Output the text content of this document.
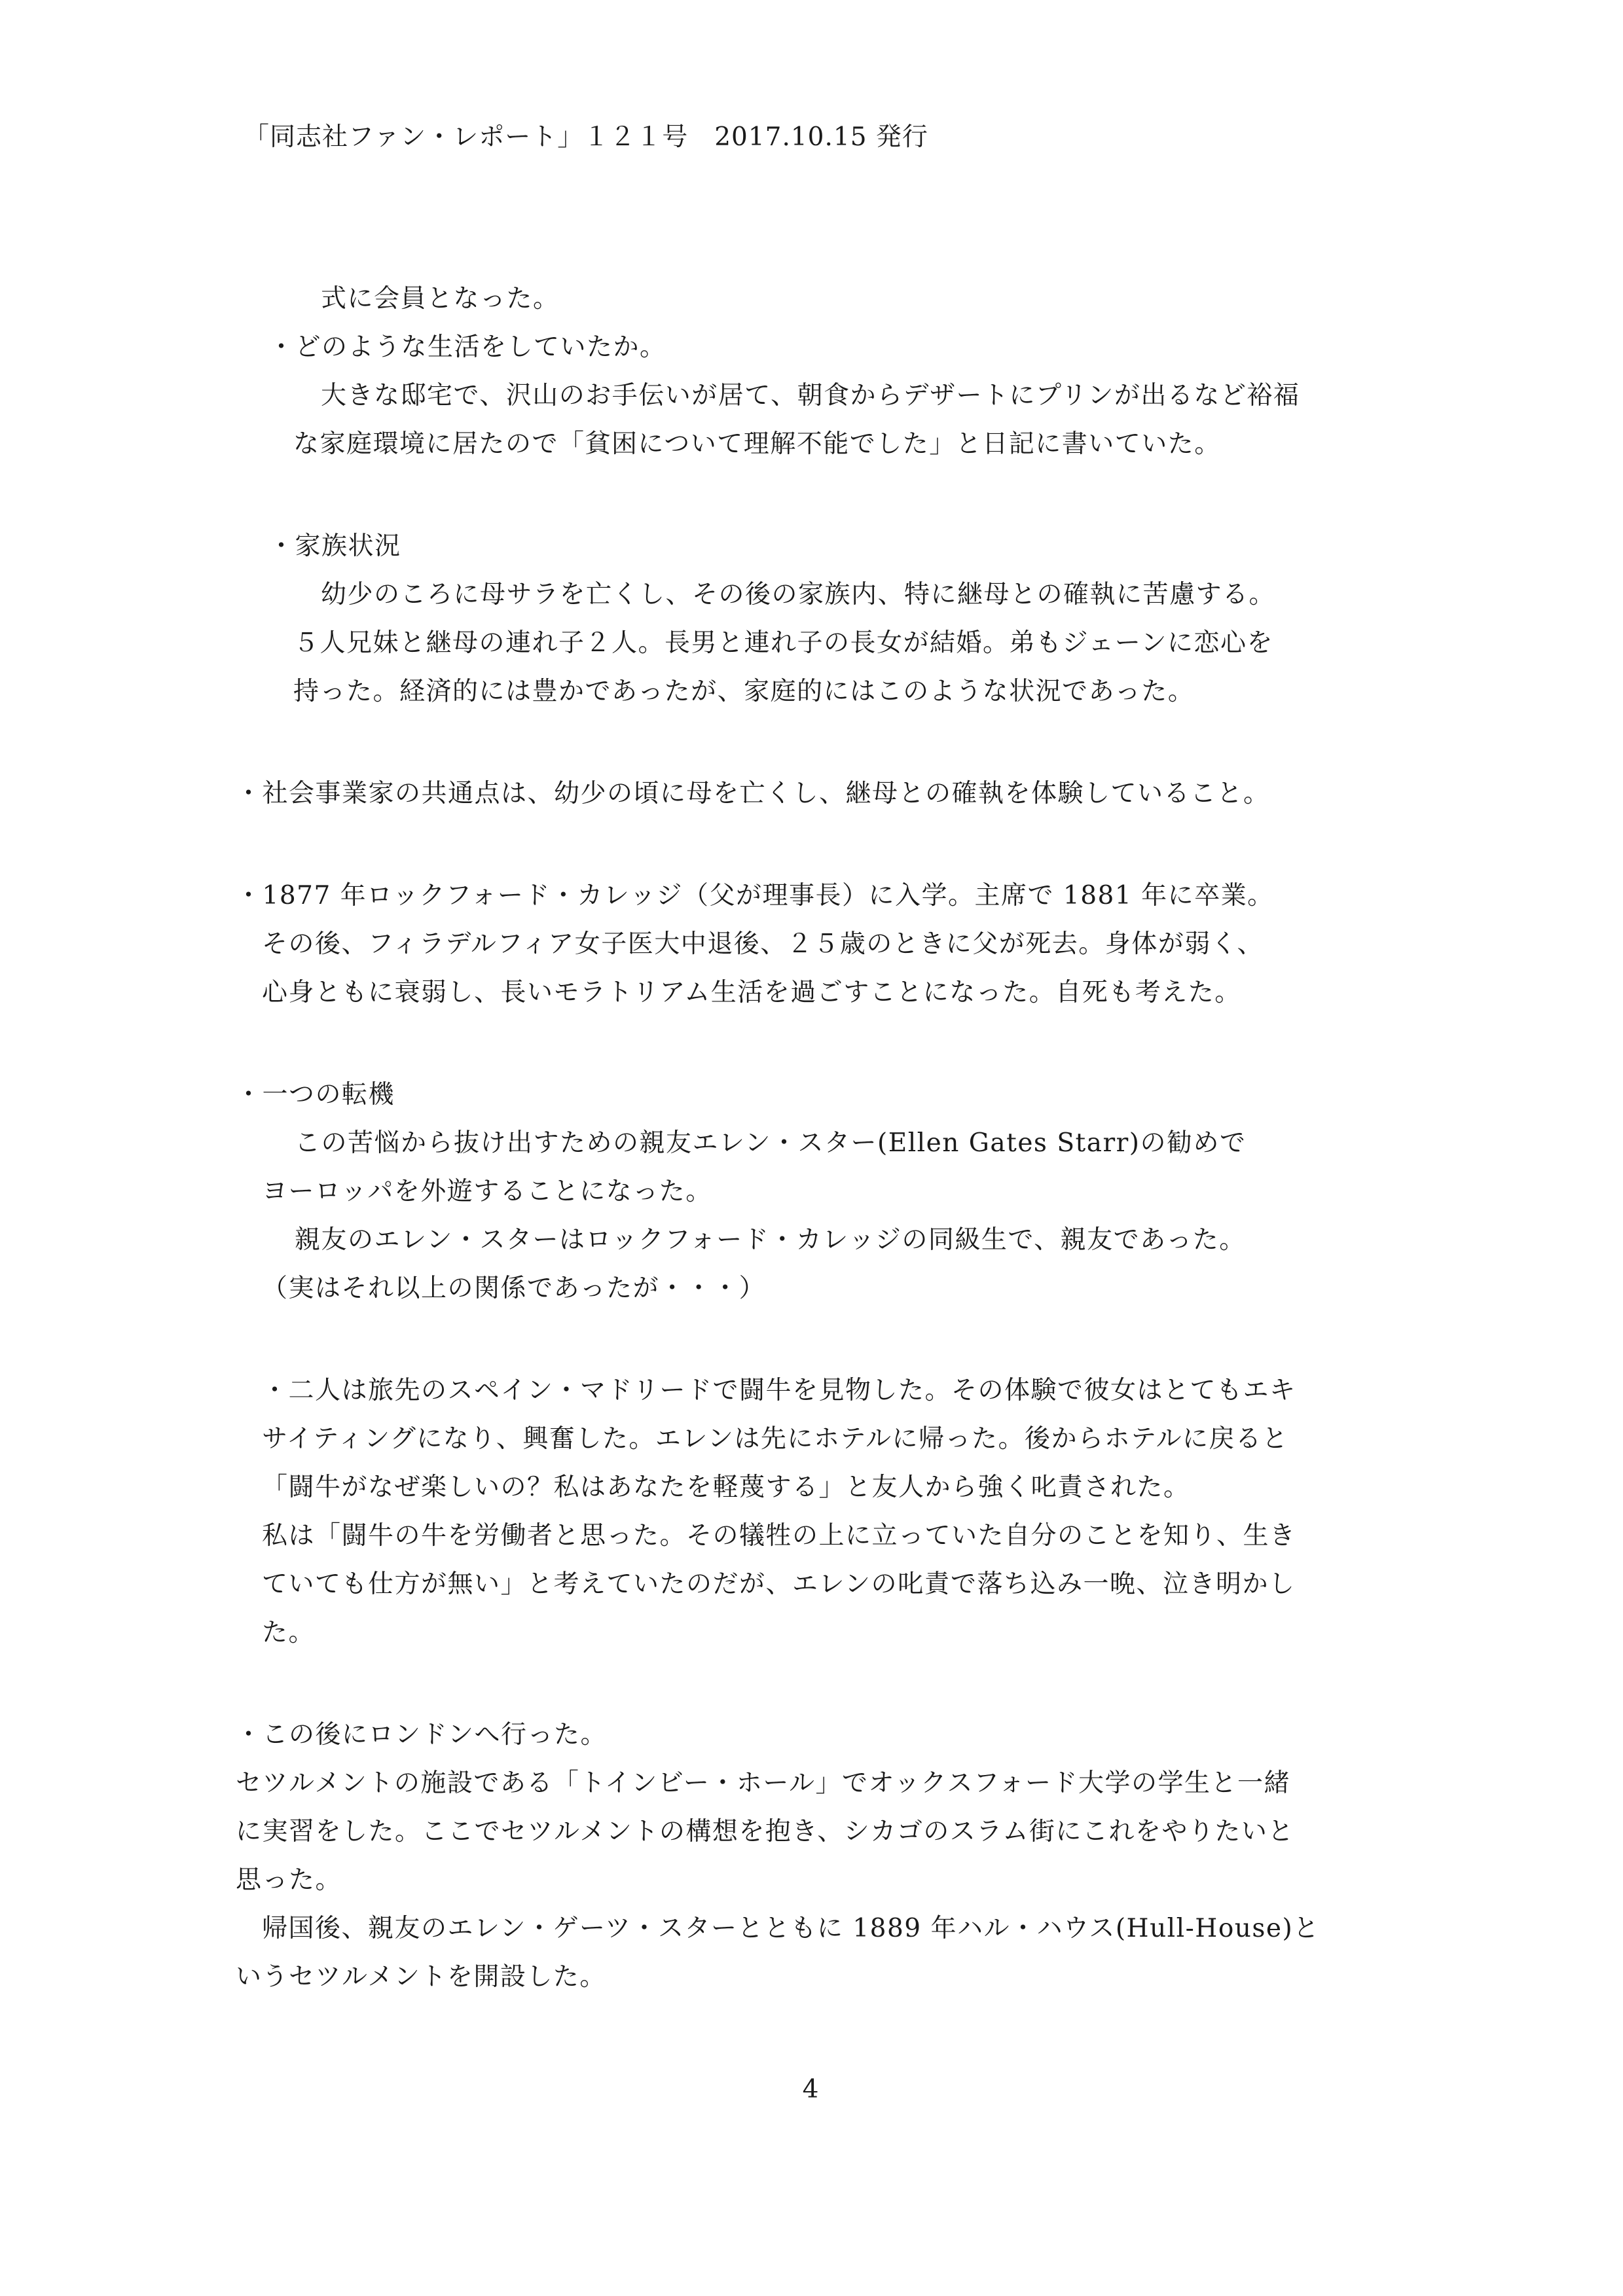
「同志社ファン・レポート」１２１号　2017.10.15 発行
式に会員となった。
・どのような生活をしていたか。
大きな邸宅で、沢山のお手伝いが居て、朝食からデザートにプリンが出るなど裕福
な家庭環境に居たので「貧困について理解不能でした」と日記に書いていた。
・家族状況
幼少のころに母サラを亡くし、その後の家族内、特に継母との確執に苦慮する。
５人兄妹と継母の連れ子２人。長男と連れ子の長女が結婚。弟もジェーンに恋心を
持った。経済的には豊かであったが、家庭的にはこのような状況であった。
・社会事業家の共通点は、幼少の頃に母を亡くし、継母との確執を体験していること。
・1877 年ロックフォード・カレッジ（父が理事長）に入学。主席で 1881 年に卒業。
その後、フィラデルフィア女子医大中退後、２５歳のときに父が死去。身体が弱く、
心身ともに衰弱し、長いモラトリアム生活を過ごすことになった。自死も考えた。
・一つの転機
この苦悩から抜け出すための親友エレン・スター(Ellen Gates Starr)の勧めで
ヨーロッパを外遊することになった。
親友のエレン・スターはロックフォード・カレッジの同級生で、親友であった。
（実はそれ以上の関係であったが・・・）
・二人は旅先のスペイン・マドリードで闘牛を見物した。その体験で彼女はとてもエキ
サイティングになり、興奮した。エレンは先にホテルに帰った。後からホテルに戻ると
「闘牛がなぜ楽しいの？私はあなたを軽蔑する」と友人から強く叱責された。
私は「闘牛の牛を労働者と思った。その犠牲の上に立っていた自分のことを知り、生き
ていても仕方が無い」と考えていたのだが、エレンの叱責で落ち込み一晩、泣き明かし
た。
・この後にロンドンへ行った。
セツルメントの施設である「トインビー・ホール」でオックスフォード大学の学生と一緒
に実習をした。ここでセツルメントの構想を抱き、シカゴのスラム街にこれをやりたいと
思った。
帰国後、親友のエレン・ゲーツ・スターとともに 1889 年ハル・ハウス(Hull-House)と
いうセツルメントを開設した。
4
